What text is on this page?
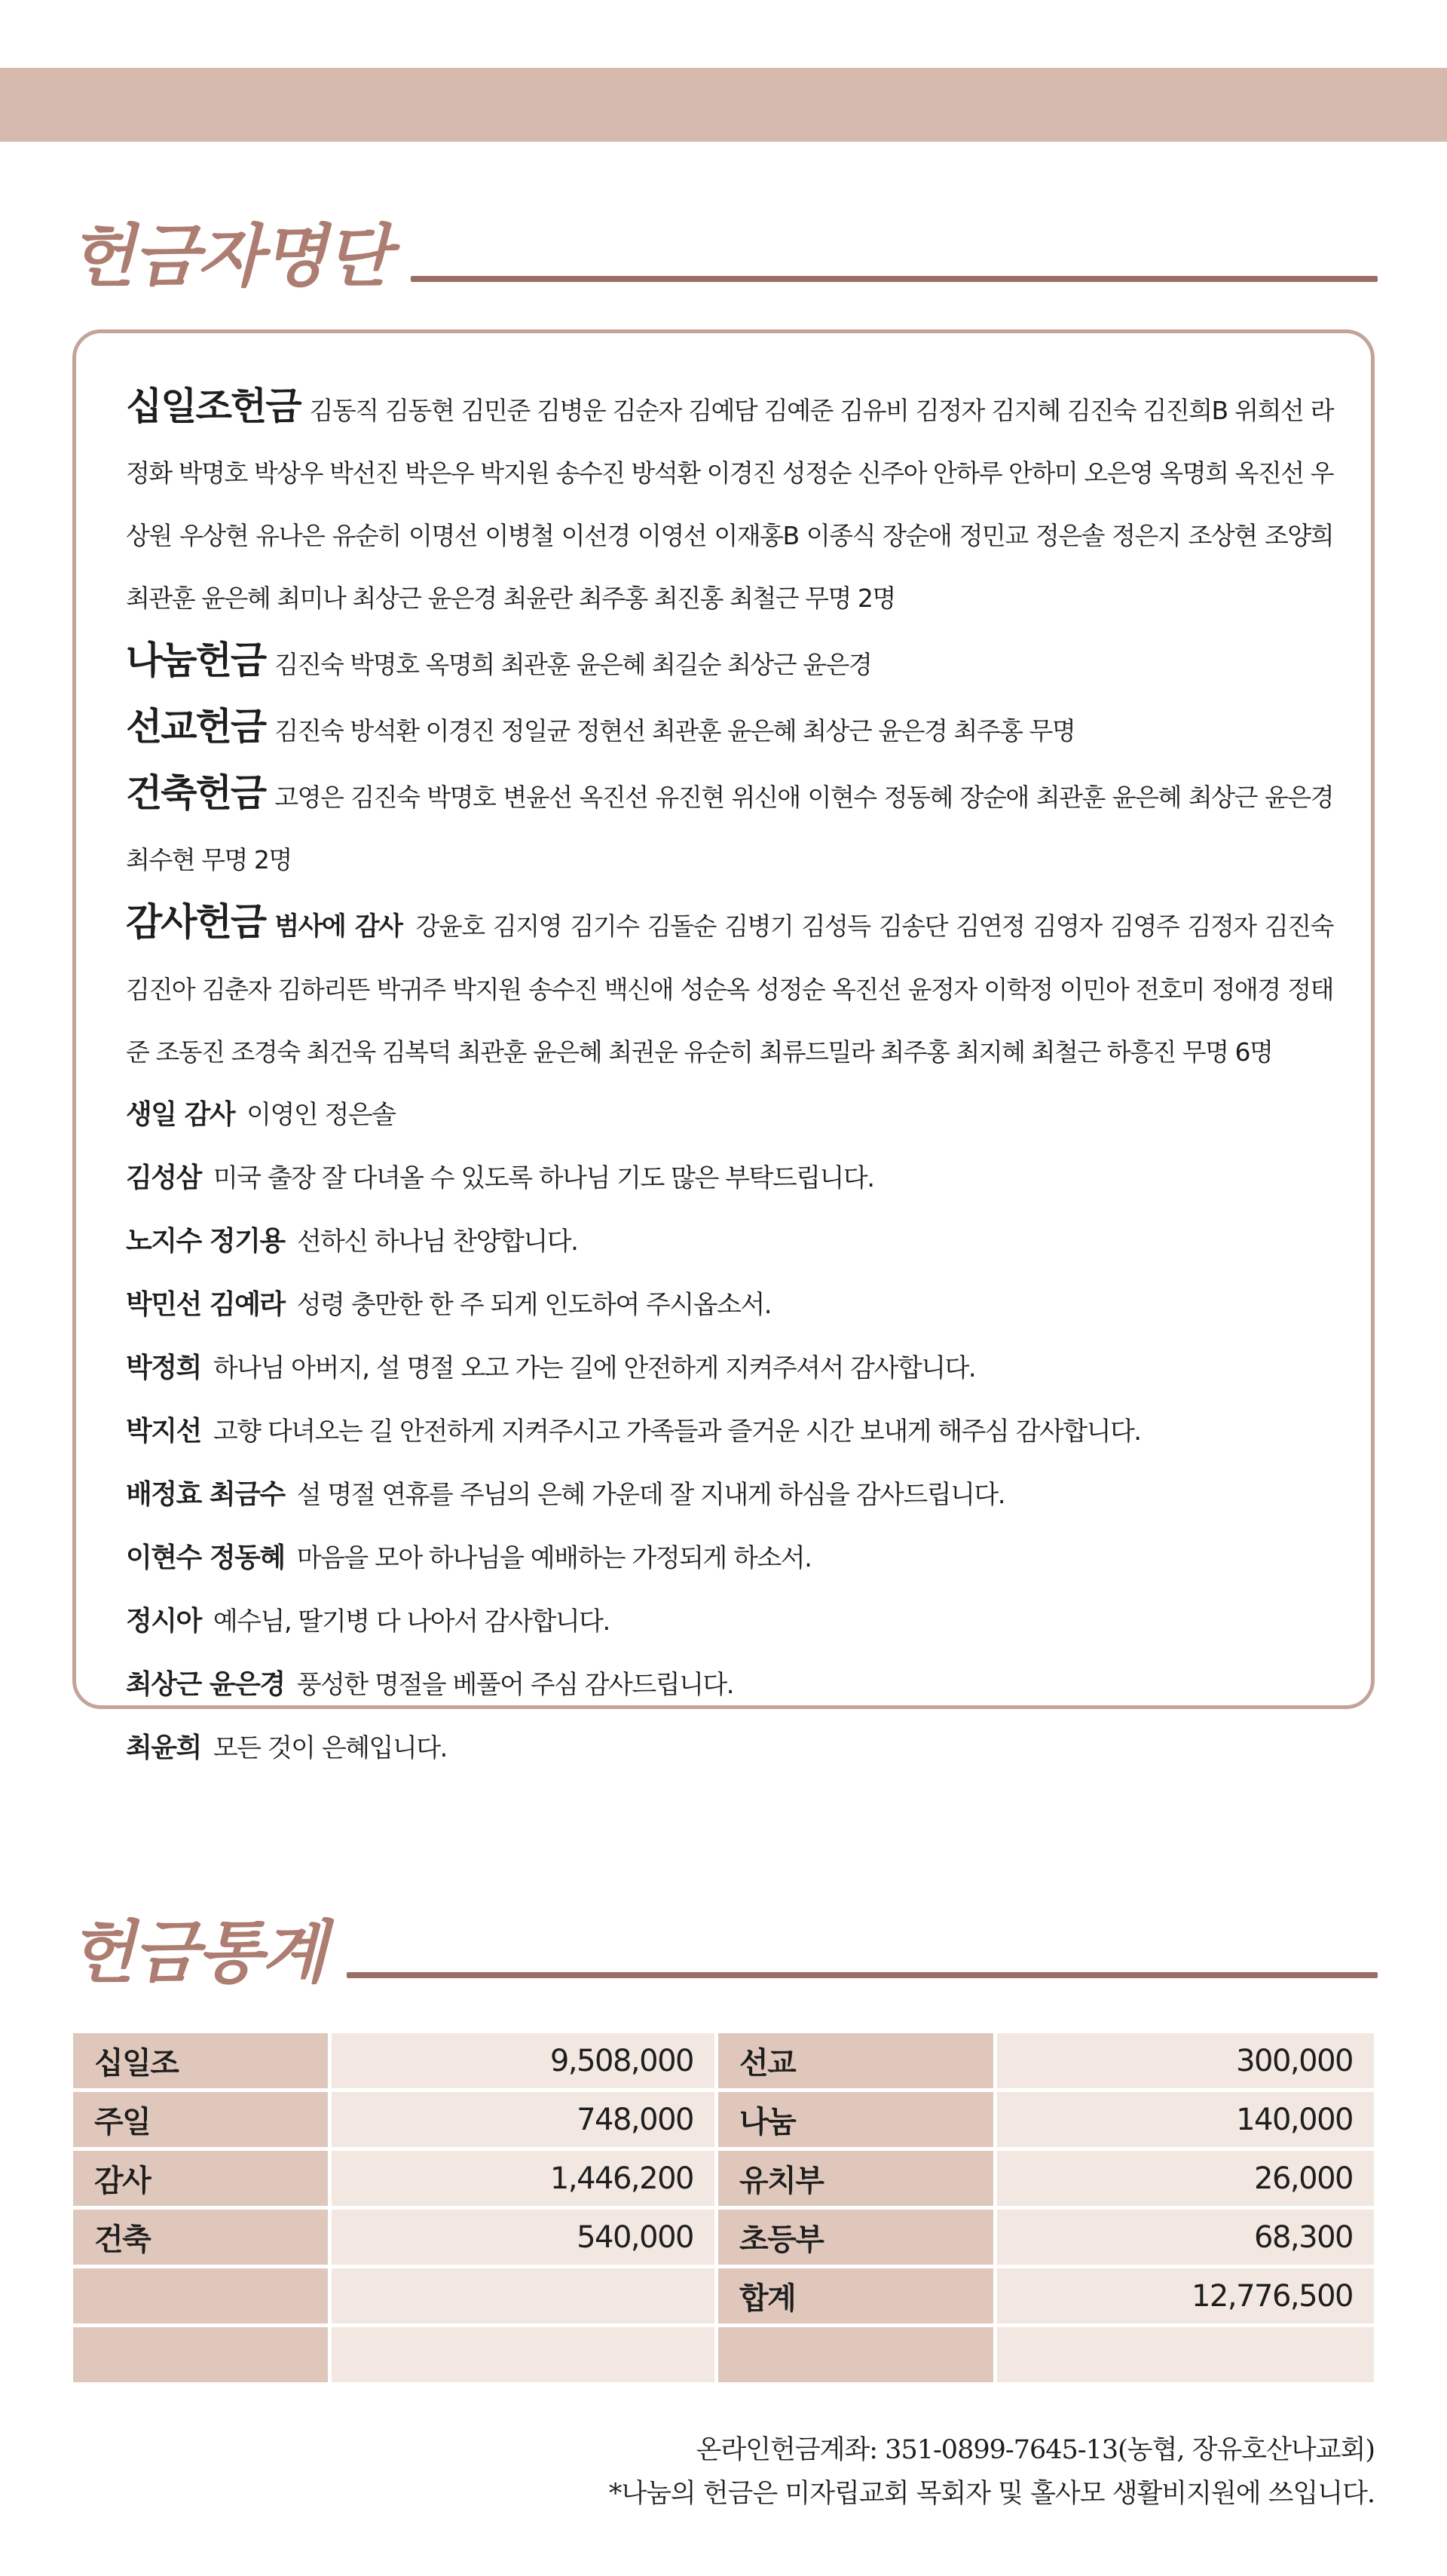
헌금자명단
십일조헌금 김동직 김동현 김민준 김병운 김순자 김예담 김예준 김유비 김정자 김지혜 김진숙 김진희B 위희선 라정화 박명호 박상우 박선진 박은우 박지원 송수진 방석환 이경진 성정순 신주아 안하루 안하미 오은영 옥명희 옥진선 우상원 우상현 유나은 유순히 이명선 이병철 이선경 이영선 이재홍B 이종식 장순애 정민교 정은솔 정은지 조상현 조양희 최관훈 윤은혜 최미나 최상근 윤은경 최윤란 최주홍 최진홍 최철근 무명 2명
나눔헌금 김진숙 박명호 옥명희 최관훈 윤은혜 최길순 최상근 윤은경
선교헌금 김진숙 방석환 이경진 정일균 정현선 최관훈 윤은혜 최상근 윤은경 최주홍 무명
건축헌금 고영은 김진숙 박명호 변윤선 옥진선 유진현 위신애 이현수 정동혜 장순애 최관훈 윤은혜 최상근 윤은경 최수현 무명 2명
감사헌금 범사에 감사 강윤호 김지영 김기수 김돌순 김병기 김성득 김송단 김연정 김영자 김영주 김정자 김진숙 김진아 김춘자 김하리뜬 박귀주 박지원 송수진 백신애 성순옥 성정순 옥진선 윤정자 이학정 이민아 전호미 정애경 정태준 조동진 조경숙 최건욱 김복덕 최관훈 윤은혜 최권운 유순히 최류드밀라 최주홍 최지혜 최철근 하흥진 무명 6명
생일 감사 이영인 정은솔
김성삼 미국 출장 잘 다녀올 수 있도록 하나님 기도 많은 부탁드립니다.
노지수 정기용 선하신 하나님 찬양합니다.
박민선 김예라 성령 충만한 한 주 되게 인도하여 주시옵소서.
박정희 하나님 아버지, 설 명절 오고 가는 길에 안전하게 지켜주셔서 감사합니다.
박지선 고향 다녀오는 길 안전하게 지켜주시고 가족들과 즐거운 시간 보내게 해주심 감사합니다.
배정효 최금수 설 명절 연휴를 주님의 은혜 가운데 잘 지내게 하심을 감사드립니다.
이현수 정동혜 마음을 모아 하나님을 예배하는 가정되게 하소서.
정시아 예수님, 딸기병 다 나아서 감사합니다.
최상근 윤은경 풍성한 명절을 베풀어 주심 감사드립니다.
최윤희 모든 것이 은혜입니다.
헌금통계
십일조	9,508,000	선교	300,000
주일	748,000	나눔	140,000
감사	1,446,200	유치부	26,000
건축	540,000	초등부	68,300
		합계	12,776,500

온라인헌금계좌: 351-0899-7645-13(농협, 장유호산나교회)
*나눔의 헌금은 미자립교회 목회자 및 홀사모 생활비지원에 쓰입니다.
